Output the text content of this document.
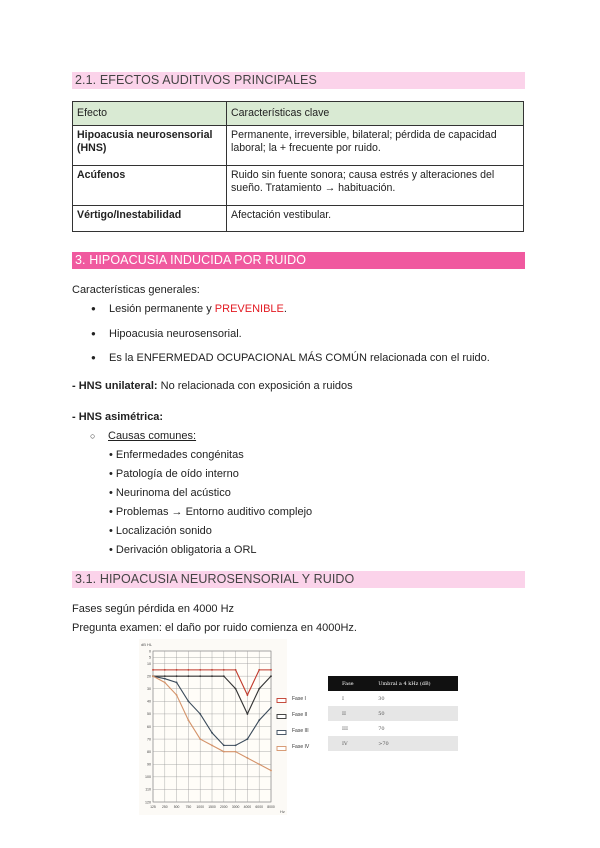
2.1. EFECTOS AUDITIVOS PRINCIPALES
Efecto	Características clave
Hipoacusia neurosensorial (HNS)	Permanente, irreversible, bilateral; pérdida de capacidad laboral; la + frecuente por ruido.
Acúfenos	Ruido sin fuente sonora; causa estrés y alteraciones del sueño. Tratamiento → habituación.
Vértigo/Inestabilidad	Afectación vestibular.
3. HIPOACUSIA INDUCIDA POR RUIDO
Características generales:
● Lesión permanente y PREVENIBLE.
● Hipoacusia neurosensorial.
● Es la ENFERMEDAD OCUPACIONAL MÁS COMÚN relacionada con el ruido.
- HNS unilateral: No relacionada con exposición a ruidos
- HNS asimétrica:
○ Causas comunes:
• Enfermedades congénitas
• Patología de oído interno
• Neurinoma del acústico
• Problemas → Entorno auditivo complejo
• Localización sonido
• Derivación obligatoria a ORL
3.1. HIPOACUSIA NEUROSENSORIAL Y RUIDO
Fases según pérdida en 4000 Hz
Pregunta examen: el daño por ruido comienza en 4000Hz.
0
5
10
20
30
40
50
60
70
80
90
100
110
120
125 250 500 750 1000 1500 2000 3000 4000 6000 8000
Hz
dB HL
Fase I
Fase II
Fase III
Fase IV
Fase	Umbral a 4 kHz (dB)
I	30
II	50
III	70
IV	>70
